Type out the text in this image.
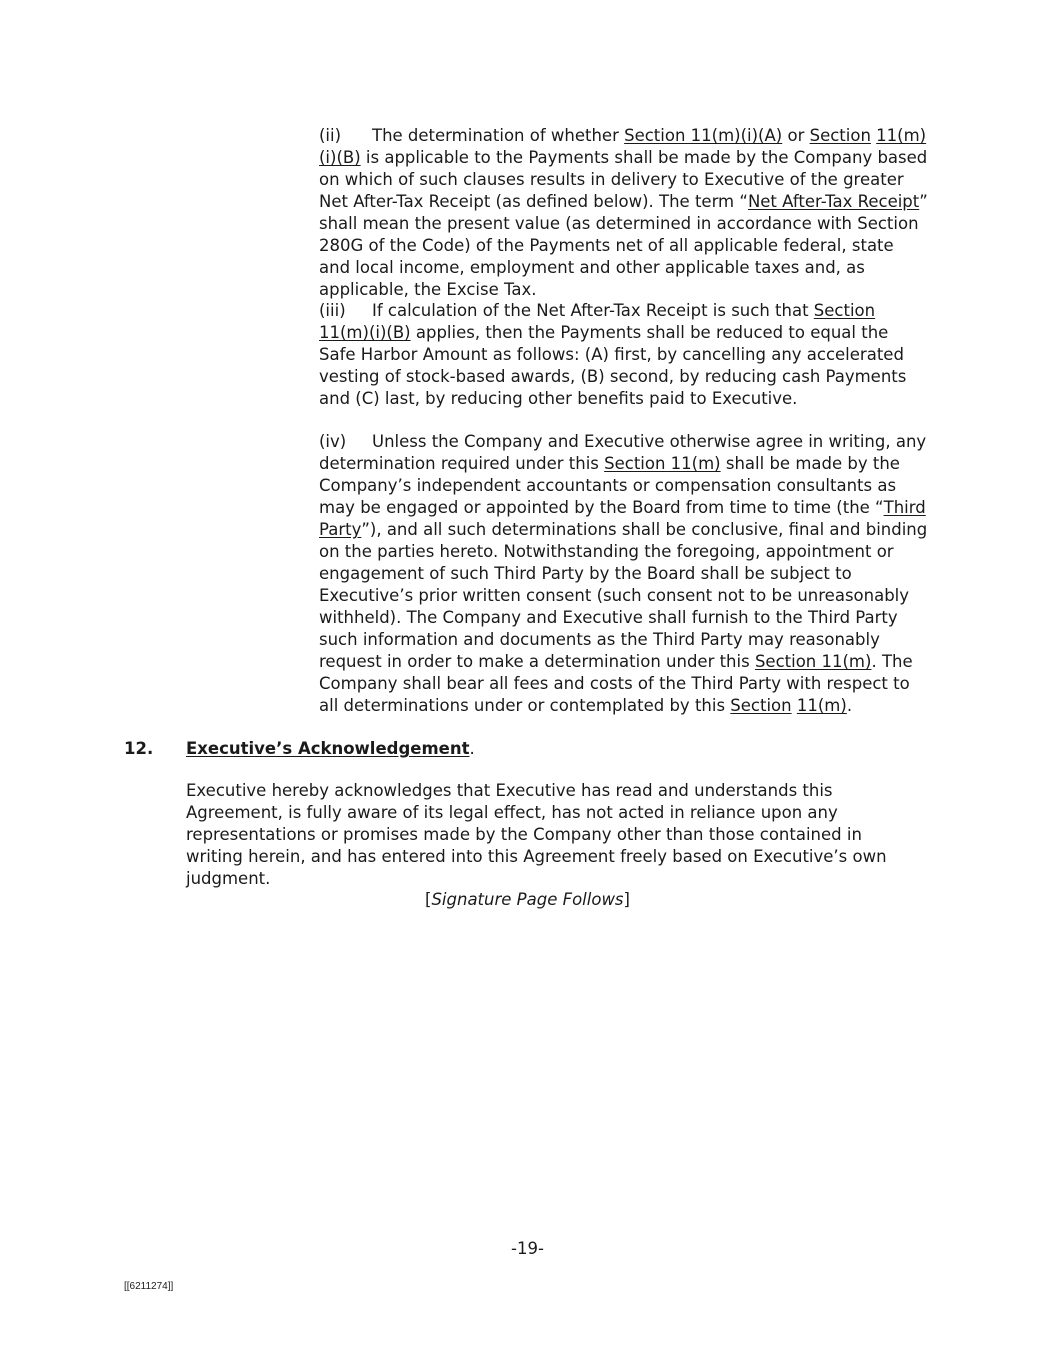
(ii) The determination of whether Section 11(m)(i)(A) or Section 11(m)(i)(B) is applicable to the Payments shall be made by the Company based on which of such clauses results in delivery to Executive of the greater Net After-Tax Receipt (as defined below). The term “Net After-Tax Receipt” shall mean the present value (as determined in accordance with Section 280G of the Code) of the Payments net of all applicable federal, state and local income, employment and other applicable taxes and, as applicable, the Excise Tax.
(iii) If calculation of the Net After-Tax Receipt is such that Section 11(m)(i)(B) applies, then the Payments shall be reduced to equal the Safe Harbor Amount as follows: (A) first, by cancelling any accelerated vesting of stock-based awards, (B) second, by reducing cash Payments and (C) last, by reducing other benefits paid to Executive.
(iv) Unless the Company and Executive otherwise agree in writing, any determination required under this Section 11(m) shall be made by the Company’s independent accountants or compensation consultants as may be engaged or appointed by the Board from time to time (the “Third Party”), and all such determinations shall be conclusive, final and binding on the parties hereto. Notwithstanding the foregoing, appointment or engagement of such Third Party by the Board shall be subject to Executive’s prior written consent (such consent not to be unreasonably withheld). The Company and Executive shall furnish to the Third Party such information and documents as the Third Party may reasonably request in order to make a determination under this Section 11(m). The Company shall bear all fees and costs of the Third Party with respect to all determinations under or contemplated by this Section 11(m).
12. Executive’s Acknowledgement.
Executive hereby acknowledges that Executive has read and understands this Agreement, is fully aware of its legal effect, has not acted in reliance upon any representations or promises made by the Company other than those contained in writing herein, and has entered into this Agreement freely based on Executive’s own judgment.
[Signature Page Follows]
-19-
[[6211274]]
